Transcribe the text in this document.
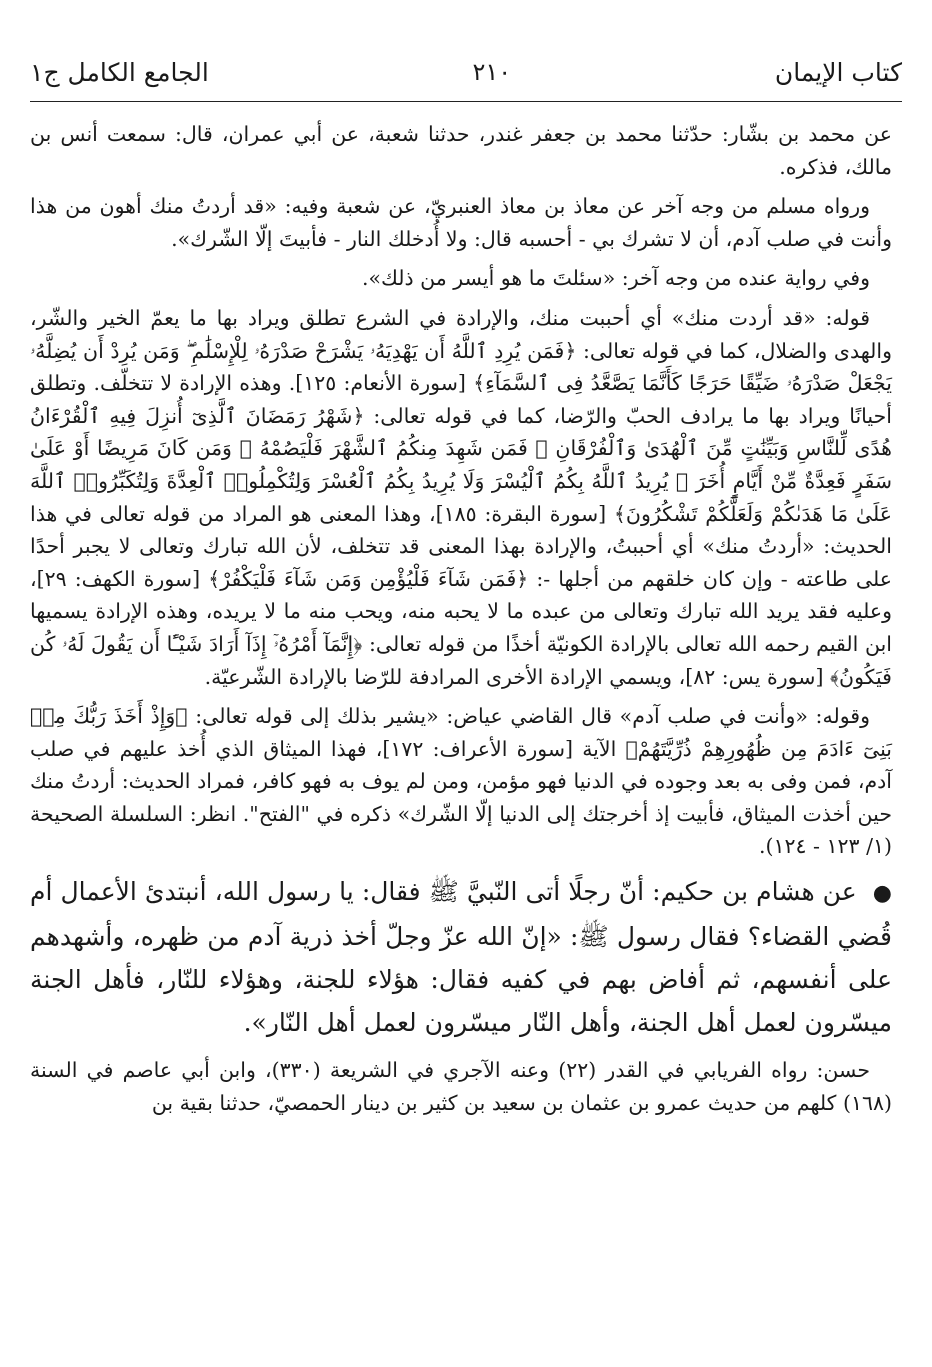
كتاب الإيمان
٢١٠
الجامع الكامل ج١

عن محمد بن بشّار: حدّثنا محمد بن جعفر غندر، حدثنا شعبة، عن أبي عمران، قال: سمعت أنس بن مالك، فذكره.

ورواه مسلم من وجه آخر عن معاذ بن معاذ العنبريّ، عن شعبة وفيه: «قد أردتُ منك أهون من هذا وأنت في صلب آدم، أن لا تشرك بي - أحسبه قال: ولا أُدخلك النار - فأبيتَ إلّا الشّرك».

وفي رواية عنده من وجه آخر: «سئلتَ ما هو أيسر من ذلك».

قوله: «قد أردت منك» أي أحببت منك، والإرادة في الشرع تطلق ويراد بها ما يعمّ الخير والشّر، والهدى والضلال، كما في قوله تعالى: ﴿فَمَن يُرِدِ ٱللَّهُ أَن يَهْدِيَهُۥ يَشْرَحْ صَدْرَهُۥ لِلْإِسْلَٰمِ ۖ وَمَن يُرِدْ أَن يُضِلَّهُۥ يَجْعَلْ صَدْرَهُۥ ضَيِّقًا حَرَجًا كَأَنَّمَا يَصَّعَّدُ فِى ٱلسَّمَآءِ﴾ [سورة الأنعام: ١٢٥]. وهذه الإرادة لا تتخلّف. وتطلق أحيانًا ويراد بها ما يرادف الحبّ والرّضا، كما في قوله تعالى: ﴿شَهْرُ رَمَضَانَ ٱلَّذِىٓ أُنزِلَ فِيهِ ٱلْقُرْءَانُ هُدًى لِّلنَّاسِ وَبَيِّنَٰتٍ مِّنَ ٱلْهُدَىٰ وَٱلْفُرْقَانِ ۚ فَمَن شَهِدَ مِنكُمُ ٱلشَّهْرَ فَلْيَصُمْهُ ۖ وَمَن كَانَ مَرِيضًا أَوْ عَلَىٰ سَفَرٍ فَعِدَّةٌ مِّنْ أَيَّامٍ أُخَرَ ۗ يُرِيدُ ٱللَّهُ بِكُمُ ٱلْيُسْرَ وَلَا يُرِيدُ بِكُمُ ٱلْعُسْرَ وَلِتُكْمِلُوا۟ ٱلْعِدَّةَ وَلِتُكَبِّرُوا۟ ٱللَّهَ عَلَىٰ مَا هَدَىٰكُمْ وَلَعَلَّكُمْ تَشْكُرُونَ﴾ [سورة البقرة: ١٨٥]، وهذا المعنى هو المراد من قوله تعالى في هذا الحديث: «أردتُ منك» أي أحببتُ، والإرادة بهذا المعنى قد تتخلف، لأن الله تبارك وتعالى لا يجبر أحدًا على طاعته - وإن كان خلقهم من أجلها -: ﴿فَمَن شَآءَ فَلْيُؤْمِن وَمَن شَآءَ فَلْيَكْفُرْ﴾ [سورة الكهف: ٢٩]، وعليه فقد يريد الله تبارك وتعالى من عبده ما لا يحبه منه، ويحب منه ما لا يريده، وهذه الإرادة يسميها ابن القيم رحمه الله تعالى بالإرادة الكونيّة أخذًا من قوله تعالى: ﴿إِنَّمَآ أَمْرُهُۥٓ إِذَآ أَرَادَ شَيْـًٔا أَن يَقُولَ لَهُۥ كُن فَيَكُونُ﴾ [سورة يس: ٨٢]، ويسمي الإرادة الأخرى المرادفة للرّضا بالإرادة الشّرعيّة.

وقوله: «وأنت في صلب آدم» قال القاضي عياض: «يشير بذلك إلى قوله تعالى: ﴿وَإِذْ أَخَذَ رَبُّكَ مِنۢ بَنِىٓ ءَادَمَ مِن ظُهُورِهِمْ ذُرِّيَّتَهُمْ﴾ الآية [سورة الأعراف: ١٧٢]، فهذا الميثاق الذي أُخذ عليهم في صلب آدم، فمن وفى به بعد وجوده في الدنيا فهو مؤمن، ومن لم يوف به فهو كافر، فمراد الحديث: أردتُ منك حين أخذت الميثاق، فأبيت إذ أخرجتك إلى الدنيا إلّا الشّرك» ذكره في "الفتح". انظر: السلسلة الصحيحة (١/ ١٢٣ - ١٢٤).

● عن هشام بن حكيم: أنّ رجلًا أتى النّبيَّ ﷺ فقال: يا رسول الله، أنبتدئ الأعمال أم قُضي القضاء؟ فقال رسول ﷺ: «إنّ الله عزّ وجلّ أخذ ذرية آدم من ظهره، وأشهدهم على أنفسهم، ثم أفاض بهم في كفيه فقال: هؤلاء للجنة، وهؤلاء للنّار، فأهل الجنة ميسّرون لعمل أهل الجنة، وأهل النّار ميسّرون لعمل أهل النّار».

حسن: رواه الفريابي في القدر (٢٢) وعنه الآجري في الشريعة (٣٣٠)، وابن أبي عاصم في السنة (١٦٨) كلهم من حديث عمرو بن عثمان بن سعيد بن كثير بن دينار الحمصيّ، حدثنا بقية بن
